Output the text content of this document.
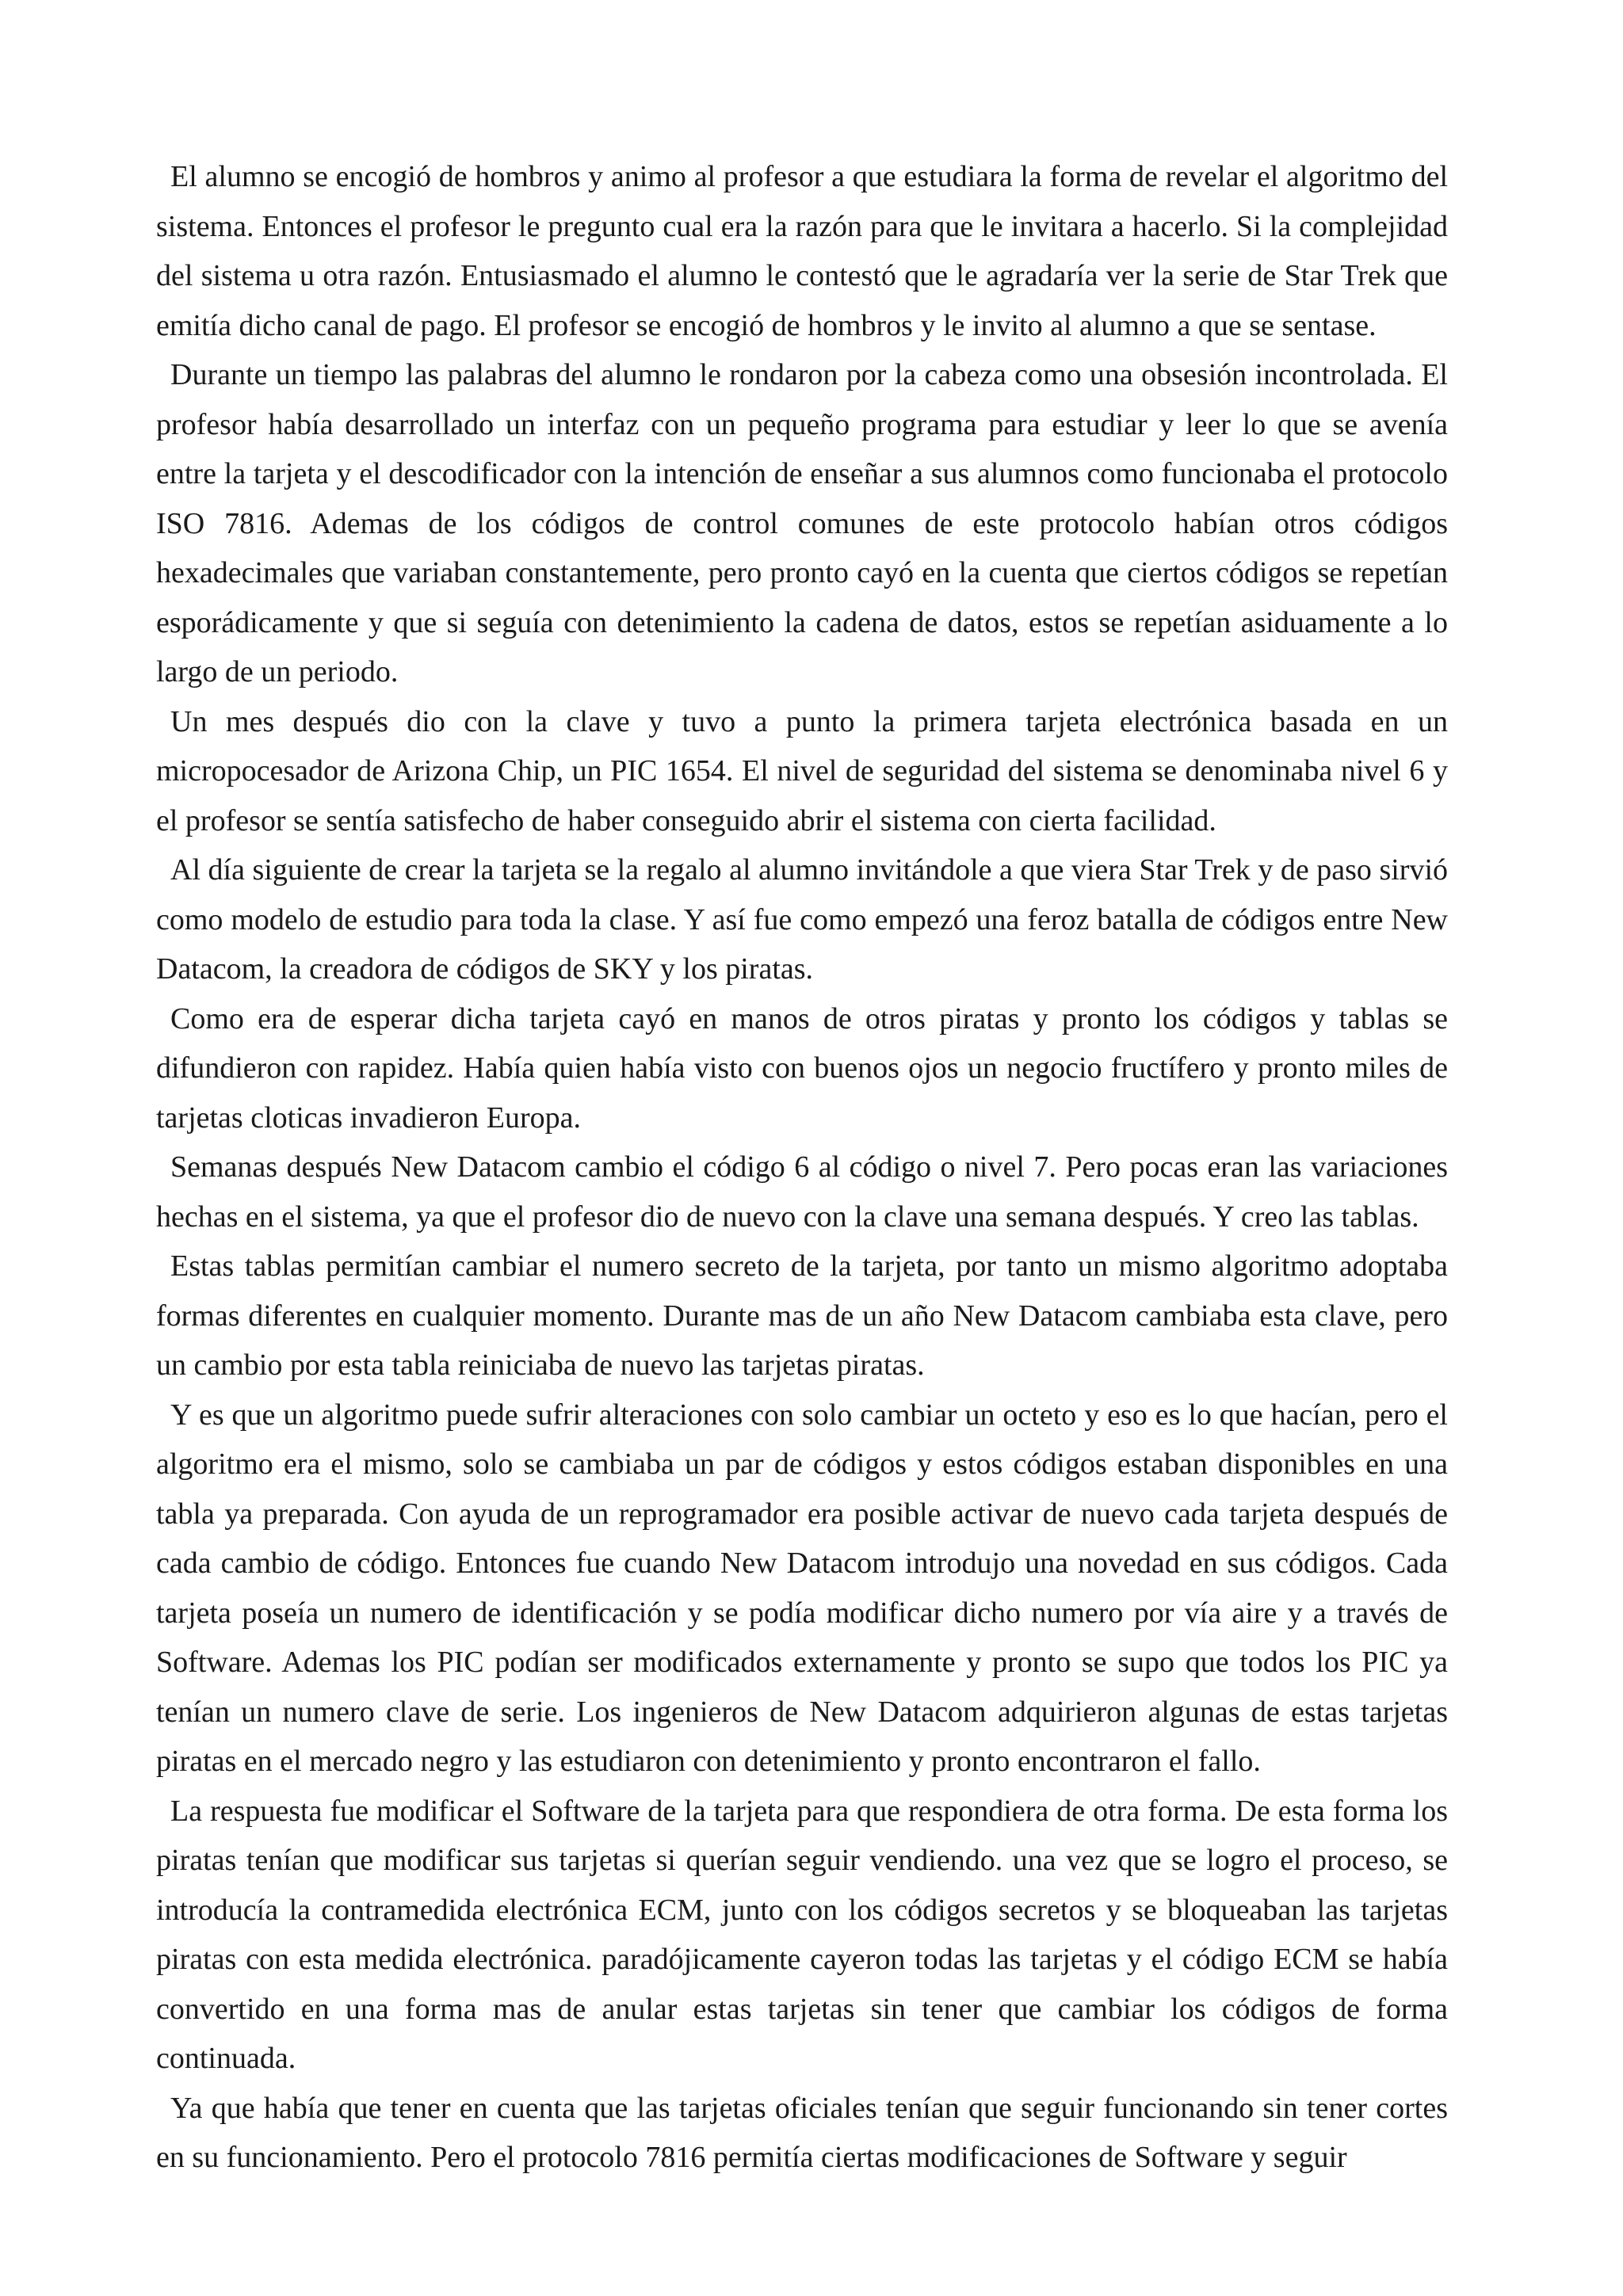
El alumno se encogió de hombros y animo al profesor a que estudiara la forma de revelar el algoritmo del sistema. Entonces el profesor le pregunto cual era la razón para que le invitara a hacerlo. Si la complejidad del sistema u otra razón. Entusiasmado el alumno le contestó que le agradaría ver la serie de Star Trek que emitía dicho canal de pago. El profesor se encogió de hombros y le invito al alumno a que se sentase.

Durante un tiempo las palabras del alumno le rondaron por la cabeza como una obsesión incontrolada. El profesor había desarrollado un interfaz con un pequeño programa para estudiar y leer lo que se avenía entre la tarjeta y el descodificador con la intención de enseñar a sus alumnos como funcionaba el protocolo ISO 7816. Ademas de los códigos de control comunes de este protocolo habían otros códigos hexadecimales que variaban constantemente, pero pronto cayó en la cuenta que ciertos códigos se repetían esporádicamente y que si seguía con detenimiento la cadena de datos, estos se repetían asiduamente a lo largo de un periodo.

Un mes después dio con la clave y tuvo a punto la primera tarjeta electrónica basada en un micropocesador de Arizona Chip, un PIC 1654. El nivel de seguridad del sistema se denominaba nivel 6 y el profesor se sentía satisfecho de haber conseguido abrir el sistema con cierta facilidad.

Al día siguiente de crear la tarjeta se la regalo al alumno invitándole a que viera Star Trek y de paso sirvió como modelo de estudio para toda la clase. Y así fue como empezó una feroz batalla de códigos entre New Datacom, la creadora de códigos de SKY y los piratas.

Como era de esperar dicha tarjeta cayó en manos de otros piratas y pronto los códigos y tablas se difundieron con rapidez. Había quien había visto con buenos ojos un negocio fructífero y pronto miles de tarjetas cloticas invadieron Europa.

Semanas después New Datacom cambio el código 6 al código o nivel 7. Pero pocas eran las variaciones hechas en el sistema, ya que el profesor dio de nuevo con la clave una semana después. Y creo las tablas.

Estas tablas permitían cambiar el numero secreto de la tarjeta, por tanto un mismo algoritmo adoptaba formas diferentes en cualquier momento. Durante mas de un año New Datacom cambiaba esta clave, pero un cambio por esta tabla reiniciaba de nuevo las tarjetas piratas.

Y es que un algoritmo puede sufrir alteraciones con solo cambiar un octeto y eso es lo que hacían, pero el algoritmo era el mismo, solo se cambiaba un par de códigos y estos códigos estaban disponibles en una tabla ya preparada. Con ayuda de un reprogramador era posible activar de nuevo cada tarjeta después de cada cambio de código. Entonces fue cuando New Datacom introdujo una novedad en sus códigos. Cada tarjeta poseía un numero de identificación y se podía modificar dicho numero por vía aire y a través de Software. Ademas los PIC podían ser modificados externamente y pronto se supo que todos los PIC ya tenían un numero clave de serie. Los ingenieros de New Datacom adquirieron algunas de estas tarjetas piratas en el mercado negro y las estudiaron con detenimiento y pronto encontraron el fallo.

La respuesta fue modificar el Software de la tarjeta para que respondiera de otra forma. De esta forma los piratas tenían que modificar sus tarjetas si querían seguir vendiendo. una vez que se logro el proceso, se introducía la contramedida electrónica ECM, junto con los códigos secretos y se bloqueaban las tarjetas piratas con esta medida electrónica. paradójicamente cayeron todas las tarjetas y el código ECM se había convertido en una forma mas de anular estas tarjetas sin tener que cambiar los códigos de forma continuada.

Ya que había que tener en cuenta que las tarjetas oficiales tenían que seguir funcionando sin tener cortes en su funcionamiento. Pero el protocolo 7816 permitía ciertas modificaciones de Software y seguir
